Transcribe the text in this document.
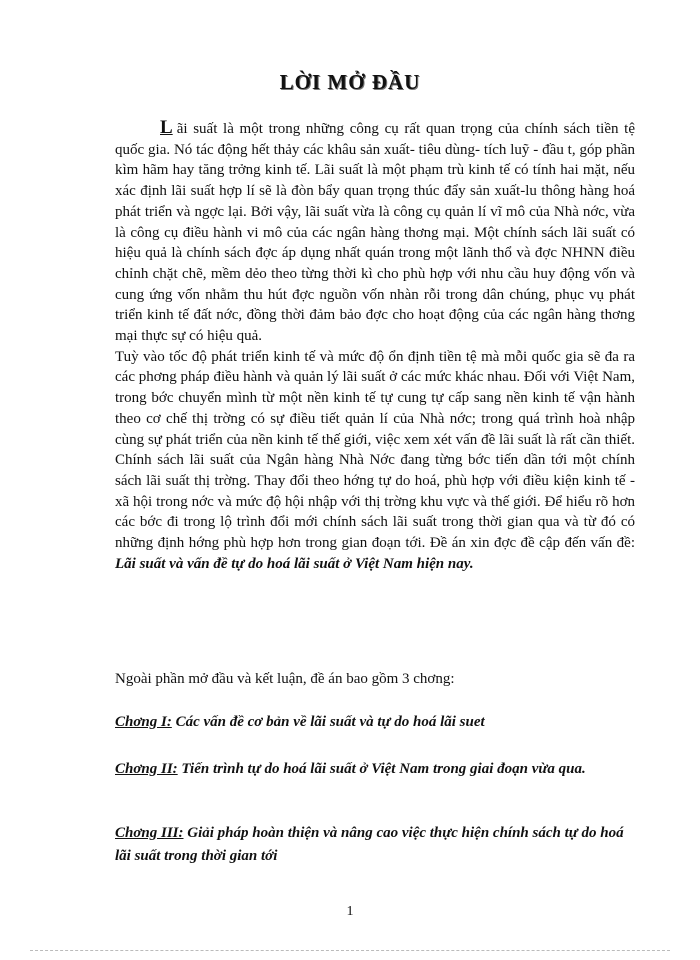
LỜI MỞ ĐẦU

L ãi suất là một trong những công cụ rất quan trọng của chính sách tiền tệ quốc gia. Nó tác động hết thảy các khâu sản xuất- tiêu dùng- tích luỹ - đầu t, góp phần kìm hãm hay tăng trởng kinh tế. Lãi suất là một phạm trù kinh tế có tính hai mặt, nếu xác định lãi suất hợp lí sẽ là đòn bẩy quan trọng thúc đẩy sản xuất-lu thông hàng hoá phát triển và ngợc lại. Bởi vậy, lãi suất vừa là công cụ quản lí vĩ mô của Nhà nớc, vừa là công cụ điều hành vi mô của các ngân hàng thơng mại. Một chính sách lãi suất có hiệu quả là chính sách đợc áp dụng nhất quán trong một lãnh thổ và đợc NHNN điều chỉnh chặt chẽ, mềm dẻo theo từng thời kì cho phù hợp với nhu cầu huy động vốn và cung ứng vốn nhằm thu hút đợc nguồn vốn nhàn rỗi trong dân chúng, phục vụ phát triển kinh tế đất nớc, đồng thời đảm bảo đợc cho hoạt động của các ngân hàng thơng mại thực sự có hiệu quả.

Tuỳ vào tốc độ phát triển kinh tế và mức độ ổn định tiền tệ mà mỗi quốc gia sẽ đa ra các phơng pháp điều hành và quản lý lãi suất ở các mức khác nhau. Đối với Việt Nam, trong bớc chuyển mình từ một nền kinh tế tự cung tự cấp sang nền kinh tế vận hành theo cơ chế thị trờng có sự điều tiết quản lí của Nhà nớc; trong quá trình hoà nhập cùng sự phát triển của nền kinh tế thế giới, việc xem xét vấn đề lãi suất là rất cần thiết. Chính sách lãi suất của Ngân hàng Nhà Nớc đang từng bớc tiến dần tới một chính sách lãi suất thị trờng. Thay đổi theo hớng tự do hoá, phù hợp với điều kiện kinh tế - xã hội trong nớc và mức độ hội nhập với thị trờng khu vực và thế giới. Để hiểu rõ hơn các bớc đi trong lộ trình đổi mới chính sách lãi suất trong thời gian qua và từ đó có những định hớng phù hợp hơn trong gian đoạn tới. Đề án xin đợc đề cập đến vấn đề: Lãi suất và vấn đề tự do hoá lãi suất ở Việt Nam hiện nay.

Ngoài phần mở đầu và kết luận, đề án bao gồm 3 chơng:
Chơng I: Các vấn đề cơ bản về lãi suất và tự do hoá lãi suet
Chơng II: Tiến trình tự do hoá lãi suất ở Việt Nam trong giai đoạn vừa qua.
Chơng III: Giải pháp hoàn thiện và nâng cao việc thực hiện chính sách tự do hoá lãi suất trong thời gian tới
1
